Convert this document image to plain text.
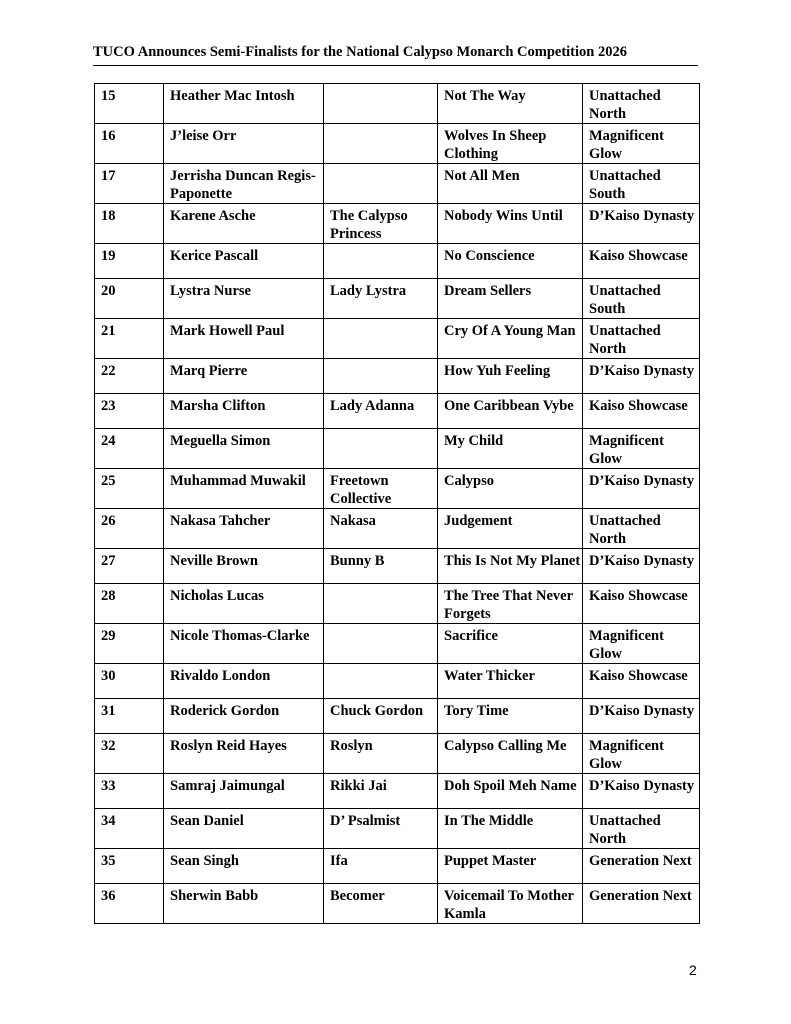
TUCO Announces Semi-Finalists for the National Calypso Monarch Competition 2026
15	Heather Mac Intosh		Not The Way	Unattached North
16	J’leise Orr		Wolves In Sheep Clothing	Magnificent Glow
17	Jerrisha Duncan Regis-Paponette		Not All Men	Unattached South
18	Karene Asche	The Calypso Princess	Nobody Wins Until	D’Kaiso Dynasty
19	Kerice Pascall		No Conscience	Kaiso Showcase
20	Lystra Nurse	Lady Lystra	Dream Sellers	Unattached South
21	Mark Howell Paul		Cry Of A Young Man	Unattached North
22	Marq Pierre		How Yuh Feeling	D’Kaiso Dynasty
23	Marsha Clifton	Lady Adanna	One Caribbean Vybe	Kaiso Showcase
24	Meguella Simon		My Child	Magnificent Glow
25	Muhammad Muwakil	Freetown Collective	Calypso	D’Kaiso Dynasty
26	Nakasa Tahcher	Nakasa	Judgement	Unattached North
27	Neville Brown	Bunny B	This Is Not My Planet	D’Kaiso Dynasty
28	Nicholas Lucas		The Tree That Never Forgets	Kaiso Showcase
29	Nicole Thomas-Clarke		Sacrifice	Magnificent Glow
30	Rivaldo London		Water Thicker	Kaiso Showcase
31	Roderick Gordon	Chuck Gordon	Tory Time	D’Kaiso Dynasty
32	Roslyn Reid Hayes	Roslyn	Calypso Calling Me	Magnificent Glow
33	Samraj Jaimungal	Rikki Jai	Doh Spoil Meh Name	D’Kaiso Dynasty
34	Sean Daniel	D’ Psalmist	In The Middle	Unattached North
35	Sean Singh	Ifa	Puppet Master	Generation Next
36	Sherwin Babb	Becomer	Voicemail To Mother Kamla	Generation Next
2
